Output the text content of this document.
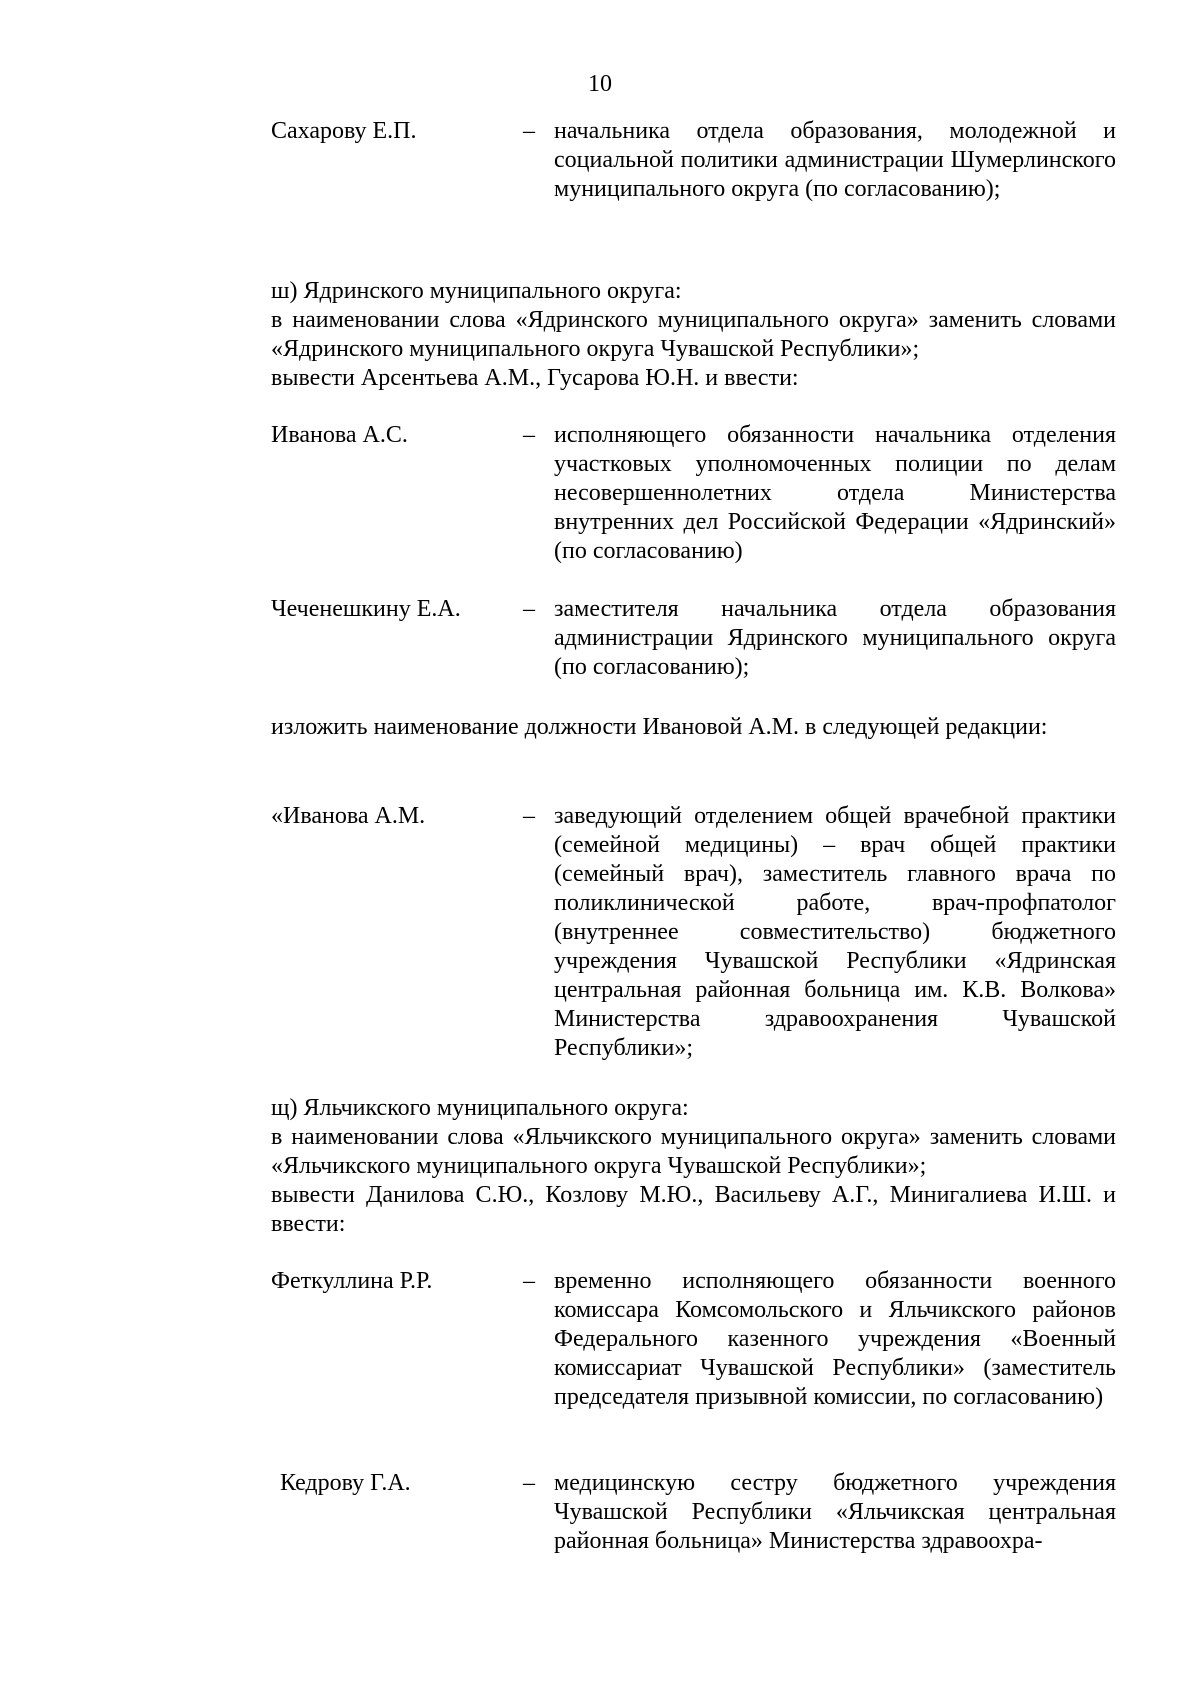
10
Сахарову Е.П.	– начальника отдела образования, молодежной и социальной политики администрации Шумерлинского муниципального округа (по согласованию);
ш) Ядринского муниципального округа:
в наименовании слова «Ядринского муниципального округа» заменить словами «Ядринского муниципального округа Чувашской Республики»;
вывести Арсентьева А.М., Гусарова Ю.Н. и ввести:
Иванова А.С.	– исполняющего обязанности начальника отделения участковых уполномоченных полиции по делам несовершеннолетних отдела Министерства внутренних дел Российской Федерации «Ядринский» (по согласованию)
Чеченешкину Е.А.	– заместителя начальника отдела образования администрации Ядринского муниципального округа (по согласованию);
изложить наименование должности Ивановой А.М. в следующей редакции:
«Иванова А.М.	– заведующий отделением общей врачебной практики (семейной медицины) – врач общей практики (семейный врач), заместитель главного врача по поликлинической работе, врач-профпатолог (внутреннее совместительство) бюджетного учреждения Чувашской Республики «Ядринская центральная районная больница им. К.В. Волкова» Министерства здравоохранения Чувашской Республики»;
щ) Яльчикского муниципального округа:
в наименовании слова «Яльчикского муниципального округа» заменить словами «Яльчикского муниципального округа Чувашской Республики»;
вывести Данилова С.Ю., Козлову М.Ю., Васильеву А.Г., Минигалиева И.Ш. и ввести:
Феткуллина Р.Р.	– временно исполняющего обязанности военного комиссара Комсомольского и Яльчикского районов Федерального казенного учреждения «Военный комиссариат Чувашской Республики» (заместитель председателя призывной комиссии, по согласованию)
Кедрову Г.А.	– медицинскую сестру бюджетного учреждения Чувашской Республики «Яльчикская центральная районная больница» Министерства здравоохра-
